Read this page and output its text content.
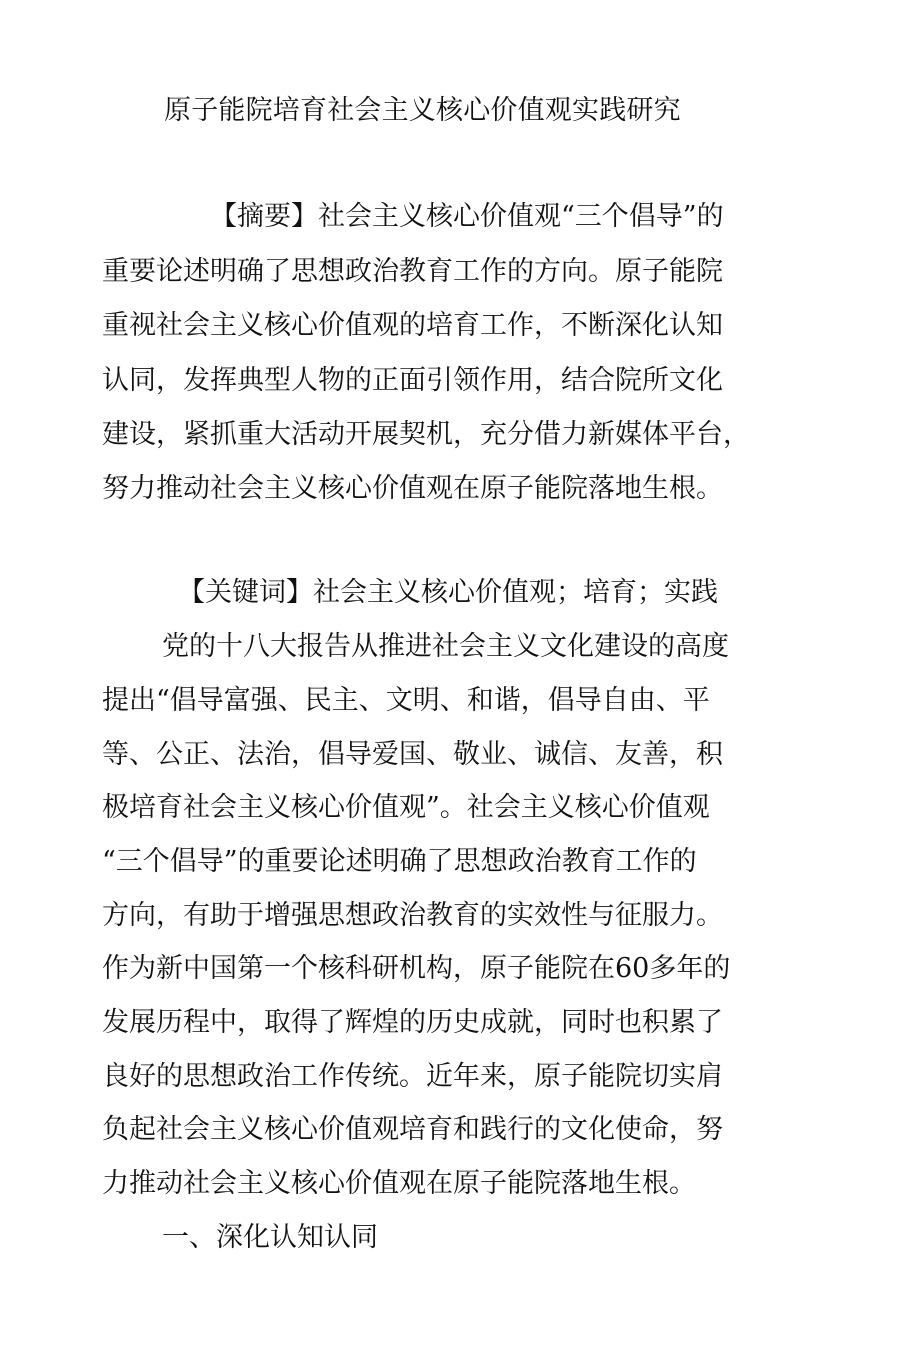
原子能院培育社会主义核心价值观实践研究
【摘要】社会主义核心价值观“三个倡导”的
重要论述明确了思想政治教育工作的方向。原子能院
重视社会主义核心价值观的培育工作，不断深化认知
认同，发挥典型人物的正面引领作用，结合院所文化
建设，紧抓重大活动开展契机，充分借力新媒体平台，
努力推动社会主义核心价值观在原子能院落地生根。
【关键词】社会主义核心价值观；培育；实践
党的十八大报告从推进社会主义文化建设的高度
提出“倡导富强、民主、文明、和谐，倡导自由、平
等、公正、法治，倡导爱国、敬业、诚信、友善，积
极培育社会主义核心价值观”。社会主义核心价值观
“三个倡导”的重要论述明确了思想政治教育工作的
方向，有助于增强思想政治教育的实效性与征服力。
作为新中国第一个核科研机构，原子能院在60多年的
发展历程中，取得了辉煌的历史成就，同时也积累了
良好的思想政治工作传统。近年来，原子能院切实肩
负起社会主义核心价值观培育和践行的文化使命，努
力推动社会主义核心价值观在原子能院落地生根。
一、深化认知认同
